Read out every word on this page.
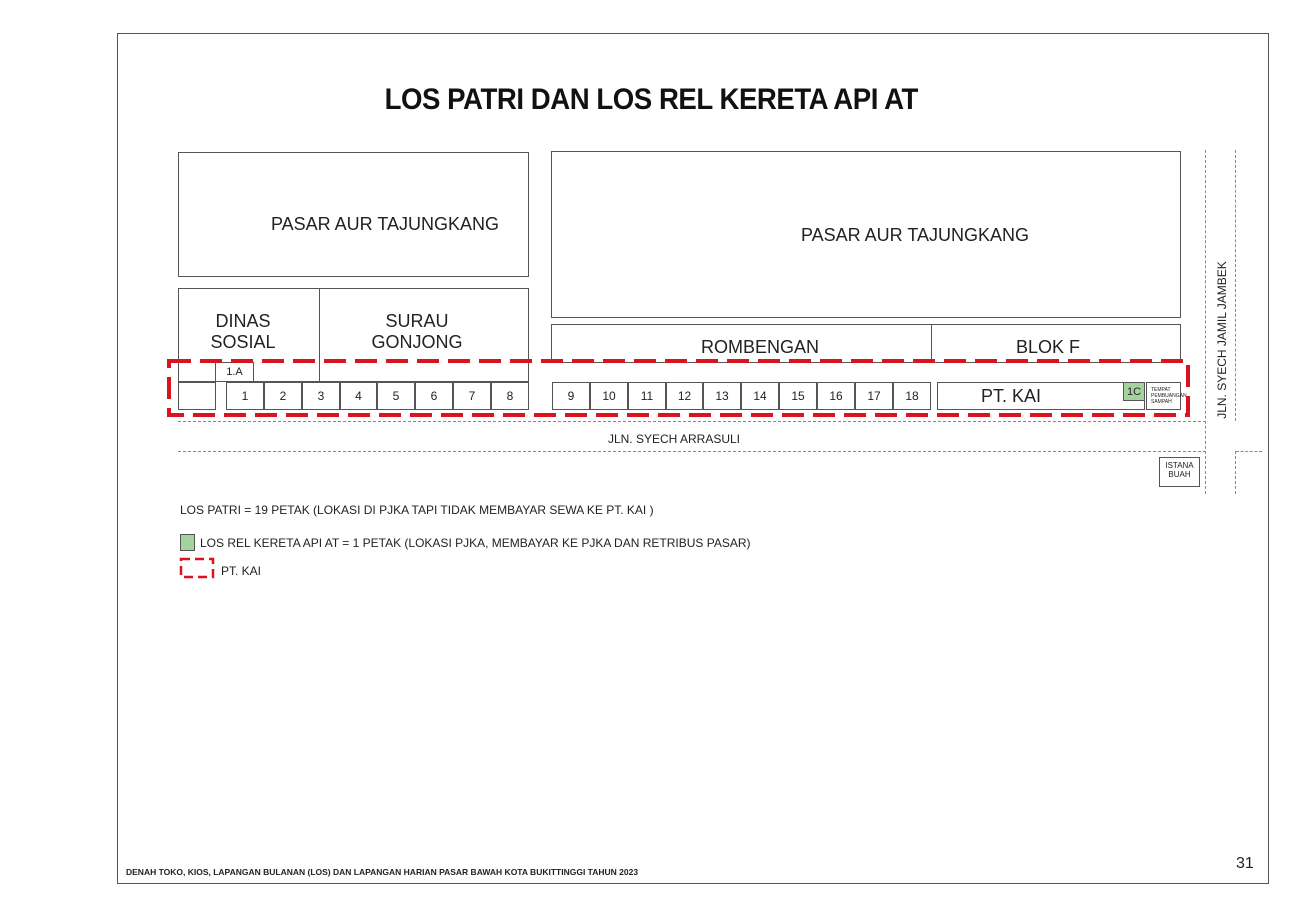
LOS PATRI DAN LOS REL KERETA API AT
PASAR AUR TAJUNGKANG
PASAR AUR TAJUNGKANG
DINAS
SOSIAL
SURAU
GONJONG	ROMBENGAN	BLOK F
1.A
1	2	3	4	5	6	7	8	9 10 11 12 13 14 15 16 17 18	PT. KAI	1C TEMPAT
PEMBUANGAN
SAMPAH
JLN. SYECH ARRASULI
JLN. SYECH JAMIL JAMBEK
ISTANA
BUAH
LOS PATRI = 19 PETAK (LOKASI DI PJKA TAPI TIDAK MEMBAYAR SEWA KE PT. KAI )
LOS REL KERETA API AT = 1 PETAK (LOKASI PJKA, MEMBAYAR KE PJKA DAN RETRIBUS PASAR)
PT. KAI
DENAH TOKO, KIOS, LAPANGAN BULANAN (LOS) DAN LAPANGAN HARIAN PASAR BAWAH KOTA BUKITTINGGI TAHUN 2023	31
